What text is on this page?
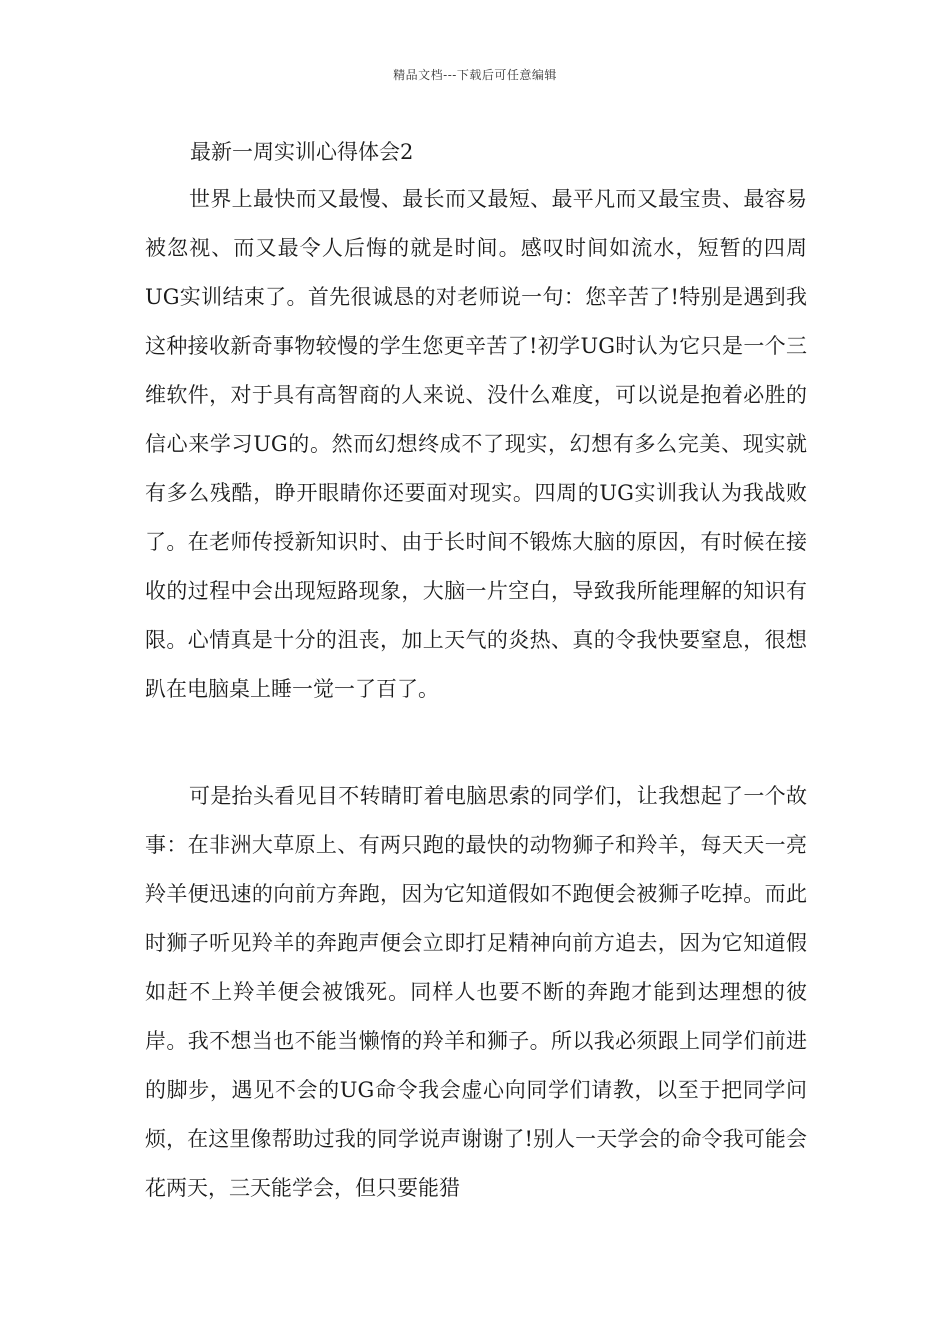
精品文档---下载后可任意编辑
最新一周实训心得体会2

世界上最快而又最慢、最长而又最短、最平凡而又最宝贵、最容易被忽视、而又最令人后悔的就是时间。感叹时间如流水，短暂的四周UG实训结束了。首先很诚恳的对老师说一句：您辛苦了!特别是遇到我这种接收新奇事物较慢的学生您更辛苦了!初学UG时认为它只是一个三维软件，对于具有高智商的人来说、没什么难度，可以说是抱着必胜的信心来学习UG的。然而幻想终成不了现实，幻想有多么完美、现实就有多么残酷，睁开眼睛你还要面对现实。四周的UG实训我认为我战败了。在老师传授新知识时、由于长时间不锻炼大脑的原因，有时候在接收的过程中会出现短路现象，大脑一片空白，导致我所能理解的知识有限。心情真是十分的沮丧，加上天气的炎热、真的令我快要窒息，很想趴在电脑桌上睡一觉一了百了。

可是抬头看见目不转睛盯着电脑思索的同学们，让我想起了一个故事：在非洲大草原上、有两只跑的最快的动物狮子和羚羊，每天天一亮羚羊便迅速的向前方奔跑，因为它知道假如不跑便会被狮子吃掉。而此时狮子听见羚羊的奔跑声便会立即打足精神向前方追去，因为它知道假如赶不上羚羊便会被饿死。同样人也要不断的奔跑才能到达理想的彼岸。我不想当也不能当懒惰的羚羊和狮子。所以我必须跟上同学们前进的脚步，遇见不会的UG命令我会虚心向同学们请教，以至于把同学问烦，在这里像帮助过我的同学说声谢谢了!别人一天学会的命令我可能会花两天，三天能学会，但只要能猎
